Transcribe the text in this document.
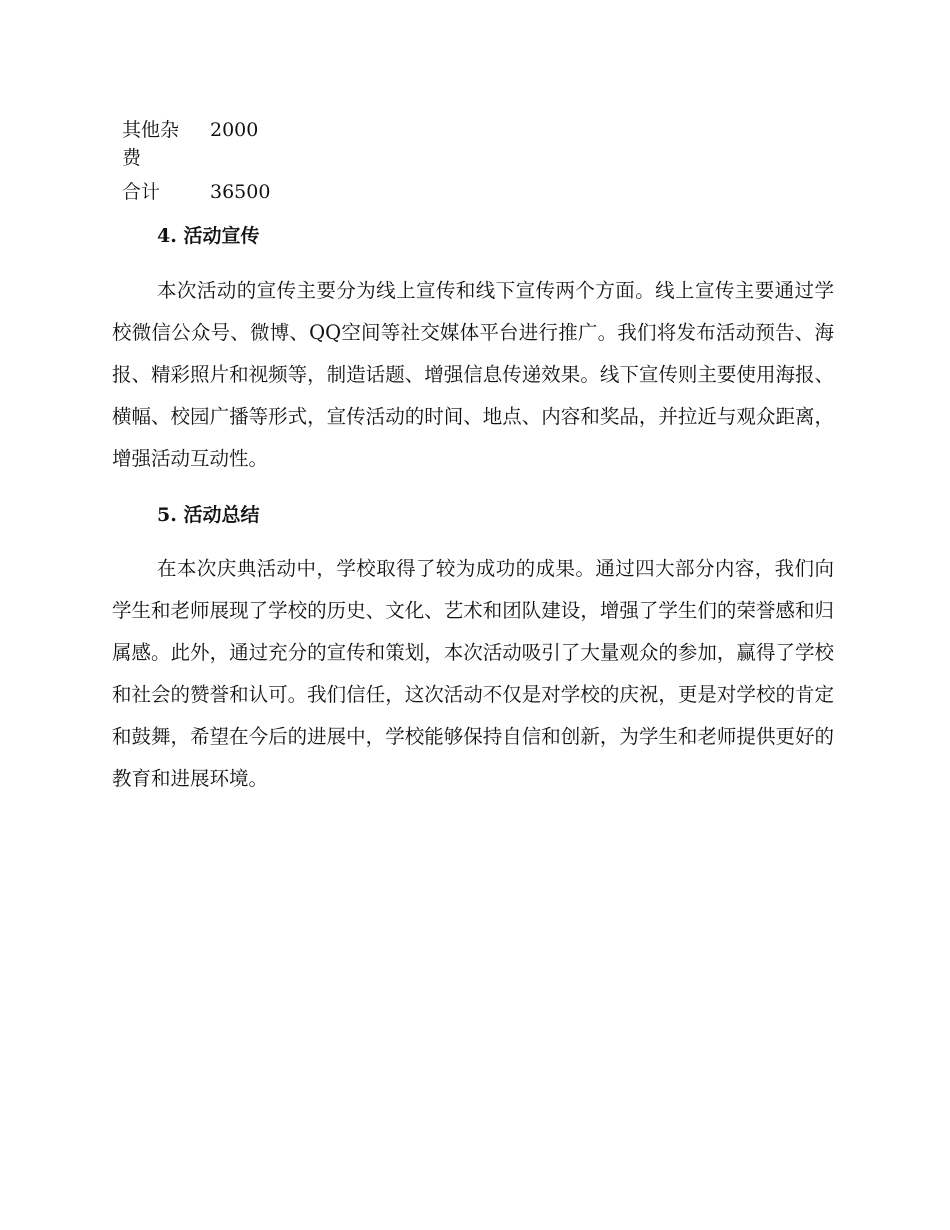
其他杂费	2000
合计	36500
4. 活动宣传

本次活动的宣传主要分为线上宣传和线下宣传两个方面。线上宣传主要通过学校微信公众号、微博、QQ空间等社交媒体平台进行推广。我们将发布活动预告、海报、精彩照片和视频等，制造话题、增强信息传递效果。线下宣传则主要使用海报、横幅、校园广播等形式，宣传活动的时间、地点、内容和奖品，并拉近与观众距离，增强活动互动性。

5. 活动总结

在本次庆典活动中，学校取得了较为成功的成果。通过四大部分内容，我们向学生和老师展现了学校的历史、文化、艺术和团队建设，增强了学生们的荣誉感和归属感。此外，通过充分的宣传和策划，本次活动吸引了大量观众的参加，赢得了学校和社会的赞誉和认可。我们信任，这次活动不仅是对学校的庆祝，更是对学校的肯定和鼓舞，希望在今后的进展中，学校能够保持自信和创新，为学生和老师提供更好的教育和进展环境。
